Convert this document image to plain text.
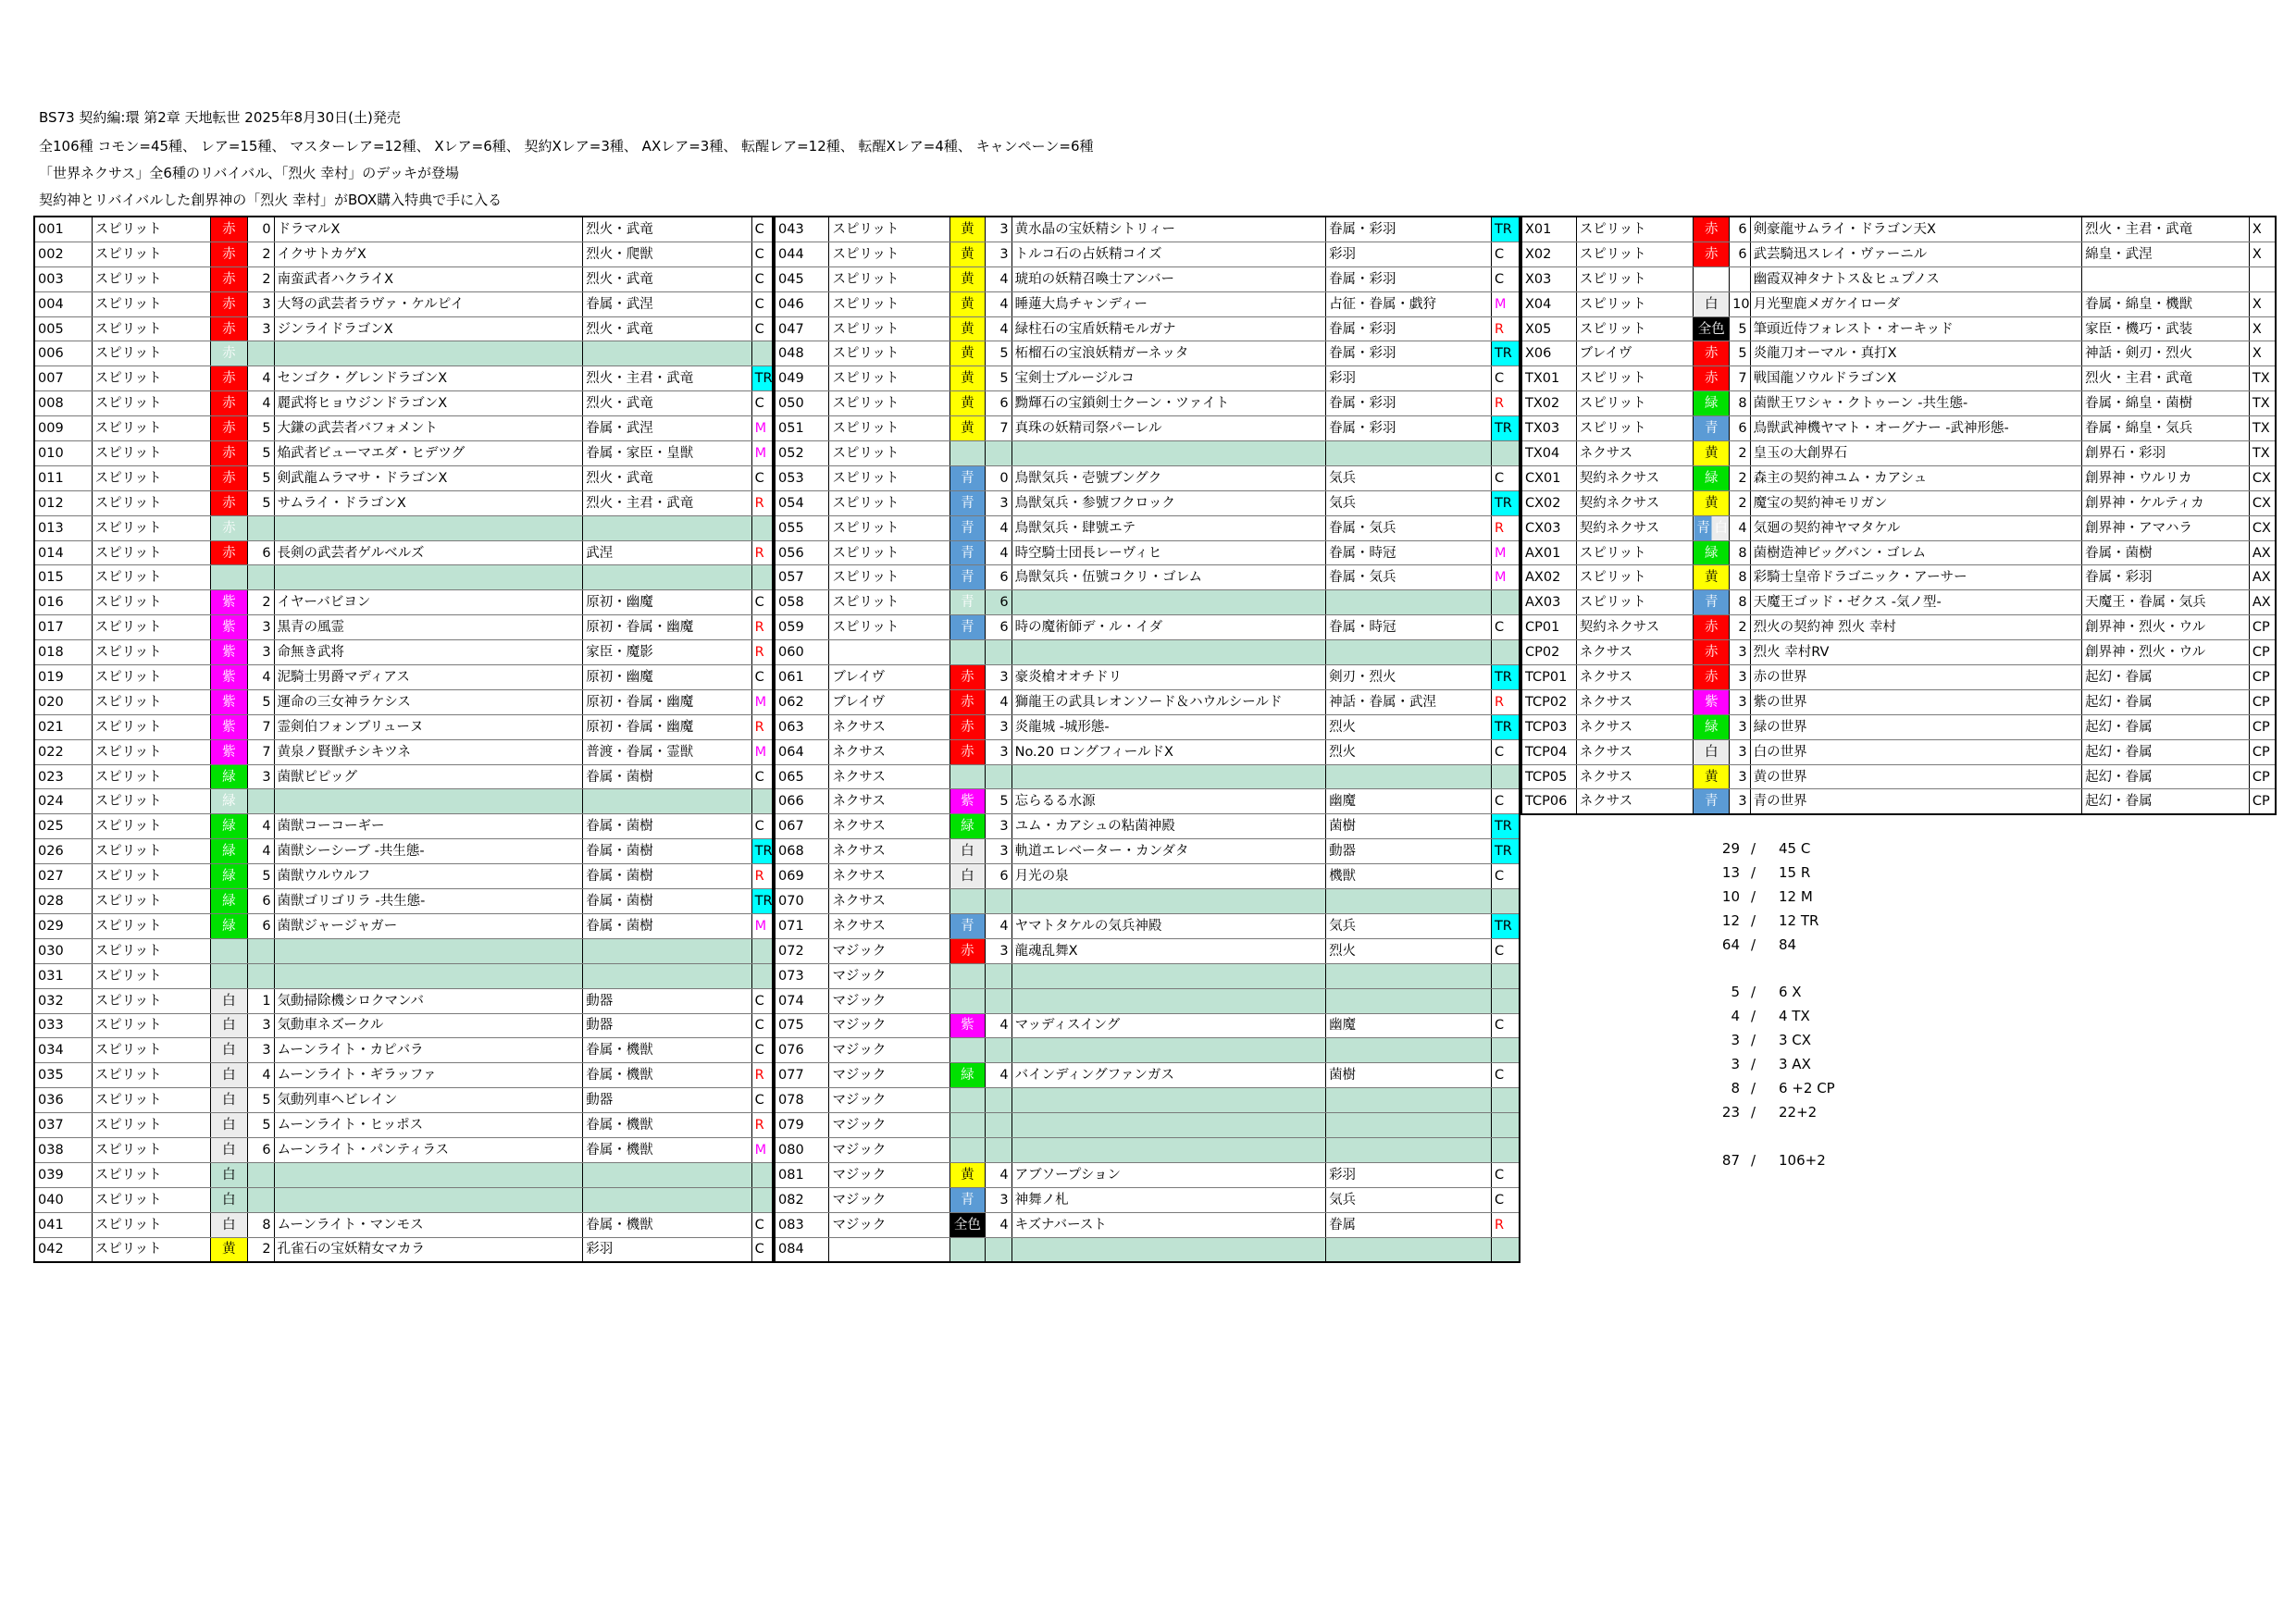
BS73 契約編:環 第2章 天地転世 2025年8月30日(土)発売
全106種 コモン=45種、 レア=15種、 マスターレア=12種、 Xレア=6種、 契約Xレア=3種、 AXレア=3種、 転醒レア=12種、 転醒Xレア=4種、 キャンペーン=6種
「世界ネクサス」全6種のリバイバル、「烈火 幸村」のデッキが登場
契約神とリバイバルした創界神の「烈火 幸村」がBOX購入特典で手に入る
001	スピリット	赤	0	ドラマルX	烈火・武竜	C
002	スピリット	赤	2	イクサトカゲX	烈火・爬獣	C
003	スピリット	赤	2	南蛮武者ハクライX	烈火・武竜	C
004	スピリット	赤	3	大弩の武芸者ラヴァ・ケルピイ	眷属・武涅	C
005	スピリット	赤	3	ジンライドラゴンX	烈火・武竜	C
006	スピリット	赤				
007	スピリット	赤	4	センゴク・グレンドラゴンX	烈火・主君・武竜	TR
008	スピリット	赤	4	麗武将ヒョウジンドラゴンX	烈火・武竜	C
009	スピリット	赤	5	大鎌の武芸者バフォメント	眷属・武涅	M
010	スピリット	赤	5	焔武者ビューマエダ・ヒデツグ	眷属・家臣・皇獣	M
011	スピリット	赤	5	剣武龍ムラマサ・ドラゴンX	烈火・武竜	C
012	スピリット	赤	5	サムライ・ドラゴンX	烈火・主君・武竜	R
013	スピリット	赤				
014	スピリット	赤	6	長剣の武芸者ゲルベルズ	武涅	R
015	スピリット					
016	スピリット	紫	2	イヤーバビヨン	原初・幽魔	C
017	スピリット	紫	3	黒青の風霊	原初・眷属・幽魔	R
018	スピリット	紫	3	命無き武将	家臣・魔影	R
019	スピリット	紫	4	泥騎士男爵マディアス	原初・幽魔	C
020	スピリット	紫	5	運命の三女神ラケシス	原初・眷属・幽魔	M
021	スピリット	紫	7	霊剣伯フォンブリューヌ	原初・眷属・幽魔	R
022	スピリット	紫	7	黄泉ノ賢獣チシキツネ	普渡・眷属・霊獣	M
023	スピリット	緑	3	菌獣ピピッグ	眷属・菌樹	C
024	スピリット	緑				
025	スピリット	緑	4	菌獣コーコーギー	眷属・菌樹	C
026	スピリット	緑	4	菌獣シーシーブ -共生態-	眷属・菌樹	TR
027	スピリット	緑	5	菌獣ウルウルフ	眷属・菌樹	R
028	スピリット	緑	6	菌獣ゴリゴリラ -共生態-	眷属・菌樹	TR
029	スピリット	緑	6	菌獣ジャージャガー	眷属・菌樹	M
030	スピリット					
031	スピリット					
032	スピリット	白	1	気動掃除機シロクマンバ	動器	C
033	スピリット	白	3	気動車ネズークル	動器	C
034	スピリット	白	3	ムーンライト・カピバラ	眷属・機獣	C
035	スピリット	白	4	ムーンライト・ギラッファ	眷属・機獣	R
036	スピリット	白	5	気動列車ヘビレイン	動器	C
037	スピリット	白	5	ムーンライト・ヒッポス	眷属・機獣	R
038	スピリット	白	6	ムーンライト・パンティラス	眷属・機獣	M
039	スピリット	白				
040	スピリット	白				
041	スピリット	白	8	ムーンライト・マンモス	眷属・機獣	C
042	スピリット	黄	2	孔雀石の宝妖精女マカラ	彩羽	C
043	スピリット	黄	3	黄水晶の宝妖精シトリィー	眷属・彩羽	TR
044	スピリット	黄	3	トルコ石の占妖精コイズ	彩羽	C
045	スピリット	黄	4	琥珀の妖精召喚士アンバー	眷属・彩羽	C
046	スピリット	黄	4	睡蓮大鳥チャンディー	占征・眷属・戯狩	M
047	スピリット	黄	4	緑柱石の宝盾妖精モルガナ	眷属・彩羽	R
048	スピリット	黄	5	柘榴石の宝浪妖精ガーネッタ	眷属・彩羽	TR
049	スピリット	黄	5	宝剣士ブルージルコ	彩羽	C
050	スピリット	黄	6	黝輝石の宝鎖剣士クーン・ツァイト	眷属・彩羽	R
051	スピリット	黄	7	真珠の妖精司祭パーレル	眷属・彩羽	TR
052	スピリット					
053	スピリット	青	0	鳥獣気兵・壱號ブングク	気兵	C
054	スピリット	青	3	鳥獣気兵・参號フクロック	気兵	TR
055	スピリット	青	4	鳥獣気兵・肆號エテ	眷属・気兵	R
056	スピリット	青	4	時空騎士団長レーヴィヒ	眷属・時冠	M
057	スピリット	青	6	鳥獣気兵・伍號コクリ・ゴレム	眷属・気兵	M
058	スピリット	青	6			
059	スピリット	青	6	時の魔術師デ・ル・イダ	眷属・時冠	C
060						
061	ブレイヴ	赤	3	豪炎槍オオチドリ	剣刃・烈火	TR
062	ブレイヴ	赤	4	獅龍王の武具レオンソード＆ハウルシールド	神話・眷属・武涅	R
063	ネクサス	赤	3	炎龍城 -城形態-	烈火	TR
064	ネクサス	赤	3	No.20 ロングフィールドX	烈火	C
065	ネクサス					
066	ネクサス	紫	5	忘らるる水源	幽魔	C
067	ネクサス	緑	3	ユム・カアシュの粘菌神殿	菌樹	TR
068	ネクサス	白	3	軌道エレベーター・カンダタ	動器	TR
069	ネクサス	白	6	月光の泉	機獣	C
070	ネクサス					
071	ネクサス	青	4	ヤマトタケルの気兵神殿	気兵	TR
072	マジック	赤	3	龍魂乱舞X	烈火	C
073	マジック					
074	マジック					
075	マジック	紫	4	マッディスイング	幽魔	C
076	マジック					
077	マジック	緑	4	バインディングファンガス	菌樹	C
078	マジック					
079	マジック					
080	マジック					
081	マジック	黄	4	アブソープション	彩羽	C
082	マジック	青	3	神舞ノ札	気兵	C
083	マジック	全色	4	キズナバースト	眷属	R
084						
X01	スピリット	赤	6	剣豪龍サムライ・ドラゴン天X	烈火・主君・武竜	X
X02	スピリット	赤	6	武芸騎迅スレイ・ヴァーニル	綿皇・武涅	X
X03	スピリット			幽霞双神タナトス＆ヒュプノス		
X04	スピリット	白	10	月光聖鹿メガケイローダ	眷属・綿皇・機獣	X
X05	スピリット	全色	5	筆頭近侍フォレスト・オーキッド	家臣・機巧・武装	X
X06	ブレイヴ	赤	5	炎龍刀オーマル・真打X	神話・剣刃・烈火	X
TX01	スピリット	赤	7	戦国龍ソウルドラゴンX	烈火・主君・武竜	TX
TX02	スピリット	緑	8	菌獣王ワシャ・クトゥーン -共生態-	眷属・綿皇・菌樹	TX
TX03	スピリット	青	6	鳥獣武神機ヤマト・オーグナー -武神形態-	眷属・綿皇・気兵	TX
TX04	ネクサス	黄	2	皇玉の大創界石	創界石・彩羽	TX
CX01	契約ネクサス	緑	2	森主の契約神ユム・カアシュ	創界神・ウルリカ	CX
CX02	契約ネクサス	黄	2	魔宝の契約神モリガン	創界神・ケルティカ	CX
CX03	契約ネクサス	青 白	4	気廻の契約神ヤマタケル	創界神・アマハラ	CX
AX01	スピリット	緑	8	菌樹造神ビッグバン・ゴレム	眷属・菌樹	AX
AX02	スピリット	黄	8	彩騎士皇帝ドラゴニック・アーサー	眷属・彩羽	AX
AX03	スピリット	青	8	天魔王ゴッド・ゼクス -気ノ型-	天魔王・眷属・気兵	AX
CP01	契約ネクサス	赤	2	烈火の契約神 烈火 幸村	創界神・烈火・ウル	CP
CP02	ネクサス	赤	3	烈火 幸村RV	創界神・烈火・ウル	CP
TCP01	ネクサス	赤	3	赤の世界	起幻・眷属	CP
TCP02	ネクサス	紫	3	紫の世界	起幻・眷属	CP
TCP03	ネクサス	緑	3	緑の世界	起幻・眷属	CP
TCP04	ネクサス	白	3	白の世界	起幻・眷属	CP
TCP05	ネクサス	黄	3	黄の世界	起幻・眷属	CP
TCP06	ネクサス	青	3	青の世界	起幻・眷属	CP
29 / 45 C
13 / 15 R
10 / 12 M
12 / 12 TR
64 / 84
5 / 6 X
4 / 4 TX
3 / 3 CX
3 / 3 AX
8 / 6 +2 CP
23 / 22+2
87 / 106+2
